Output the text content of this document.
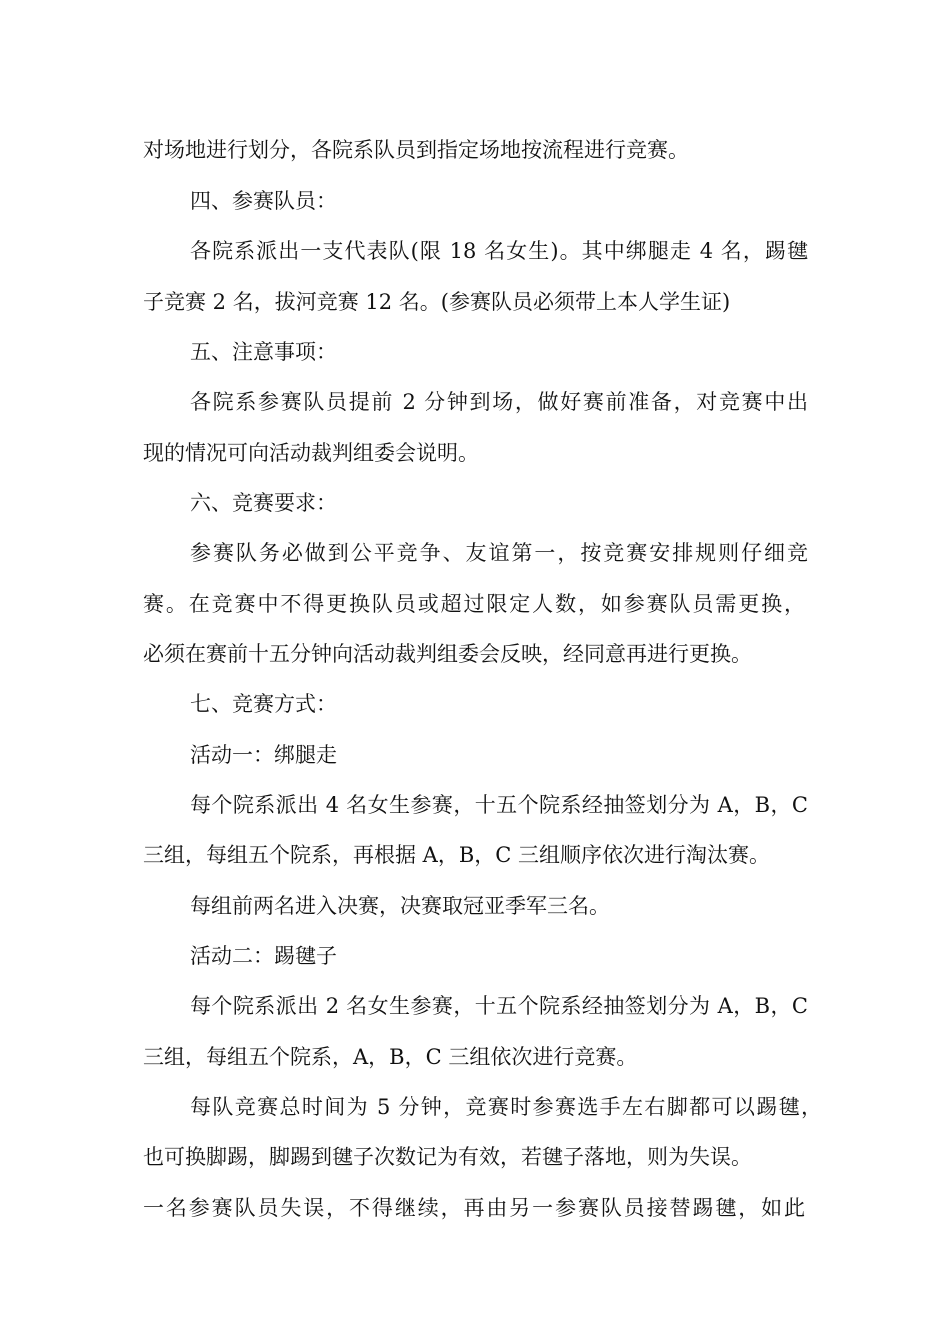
对场地进行划分，各院系队员到指定场地按流程进行竞赛。
四、参赛队员：
各院系派出一支代表队(限 18 名女生)。其中绑腿走 4 名，踢毽
子竞赛 2 名，拔河竞赛 12 名。(参赛队员必须带上本人学生证)
五、注意事项：
各院系参赛队员提前 2 分钟到场，做好赛前准备，对竞赛中出
现的情况可向活动裁判组委会说明。
六、竞赛要求：
参赛队务必做到公平竞争、友谊第一，按竞赛安排规则仔细竞
赛。在竞赛中不得更换队员或超过限定人数，如参赛队员需更换，
必须在赛前十五分钟向活动裁判组委会反映，经同意再进行更换。
七、竞赛方式：
活动一：绑腿走
每个院系派出 4 名女生参赛，十五个院系经抽签划分为 A，B，C
三组，每组五个院系，再根据 A，B，C 三组顺序依次进行淘汰赛。
每组前两名进入决赛，决赛取冠亚季军三名。
活动二：踢毽子
每个院系派出 2 名女生参赛，十五个院系经抽签划分为 A，B，C
三组，每组五个院系，A，B，C 三组依次进行竞赛。
每队竞赛总时间为 5 分钟，竞赛时参赛选手左右脚都可以踢毽，
也可换脚踢，脚踢到毽子次数记为有效，若毽子落地，则为失误。
一名参赛队员失误，不得继续，再由另一参赛队员接替踢毽，如此
